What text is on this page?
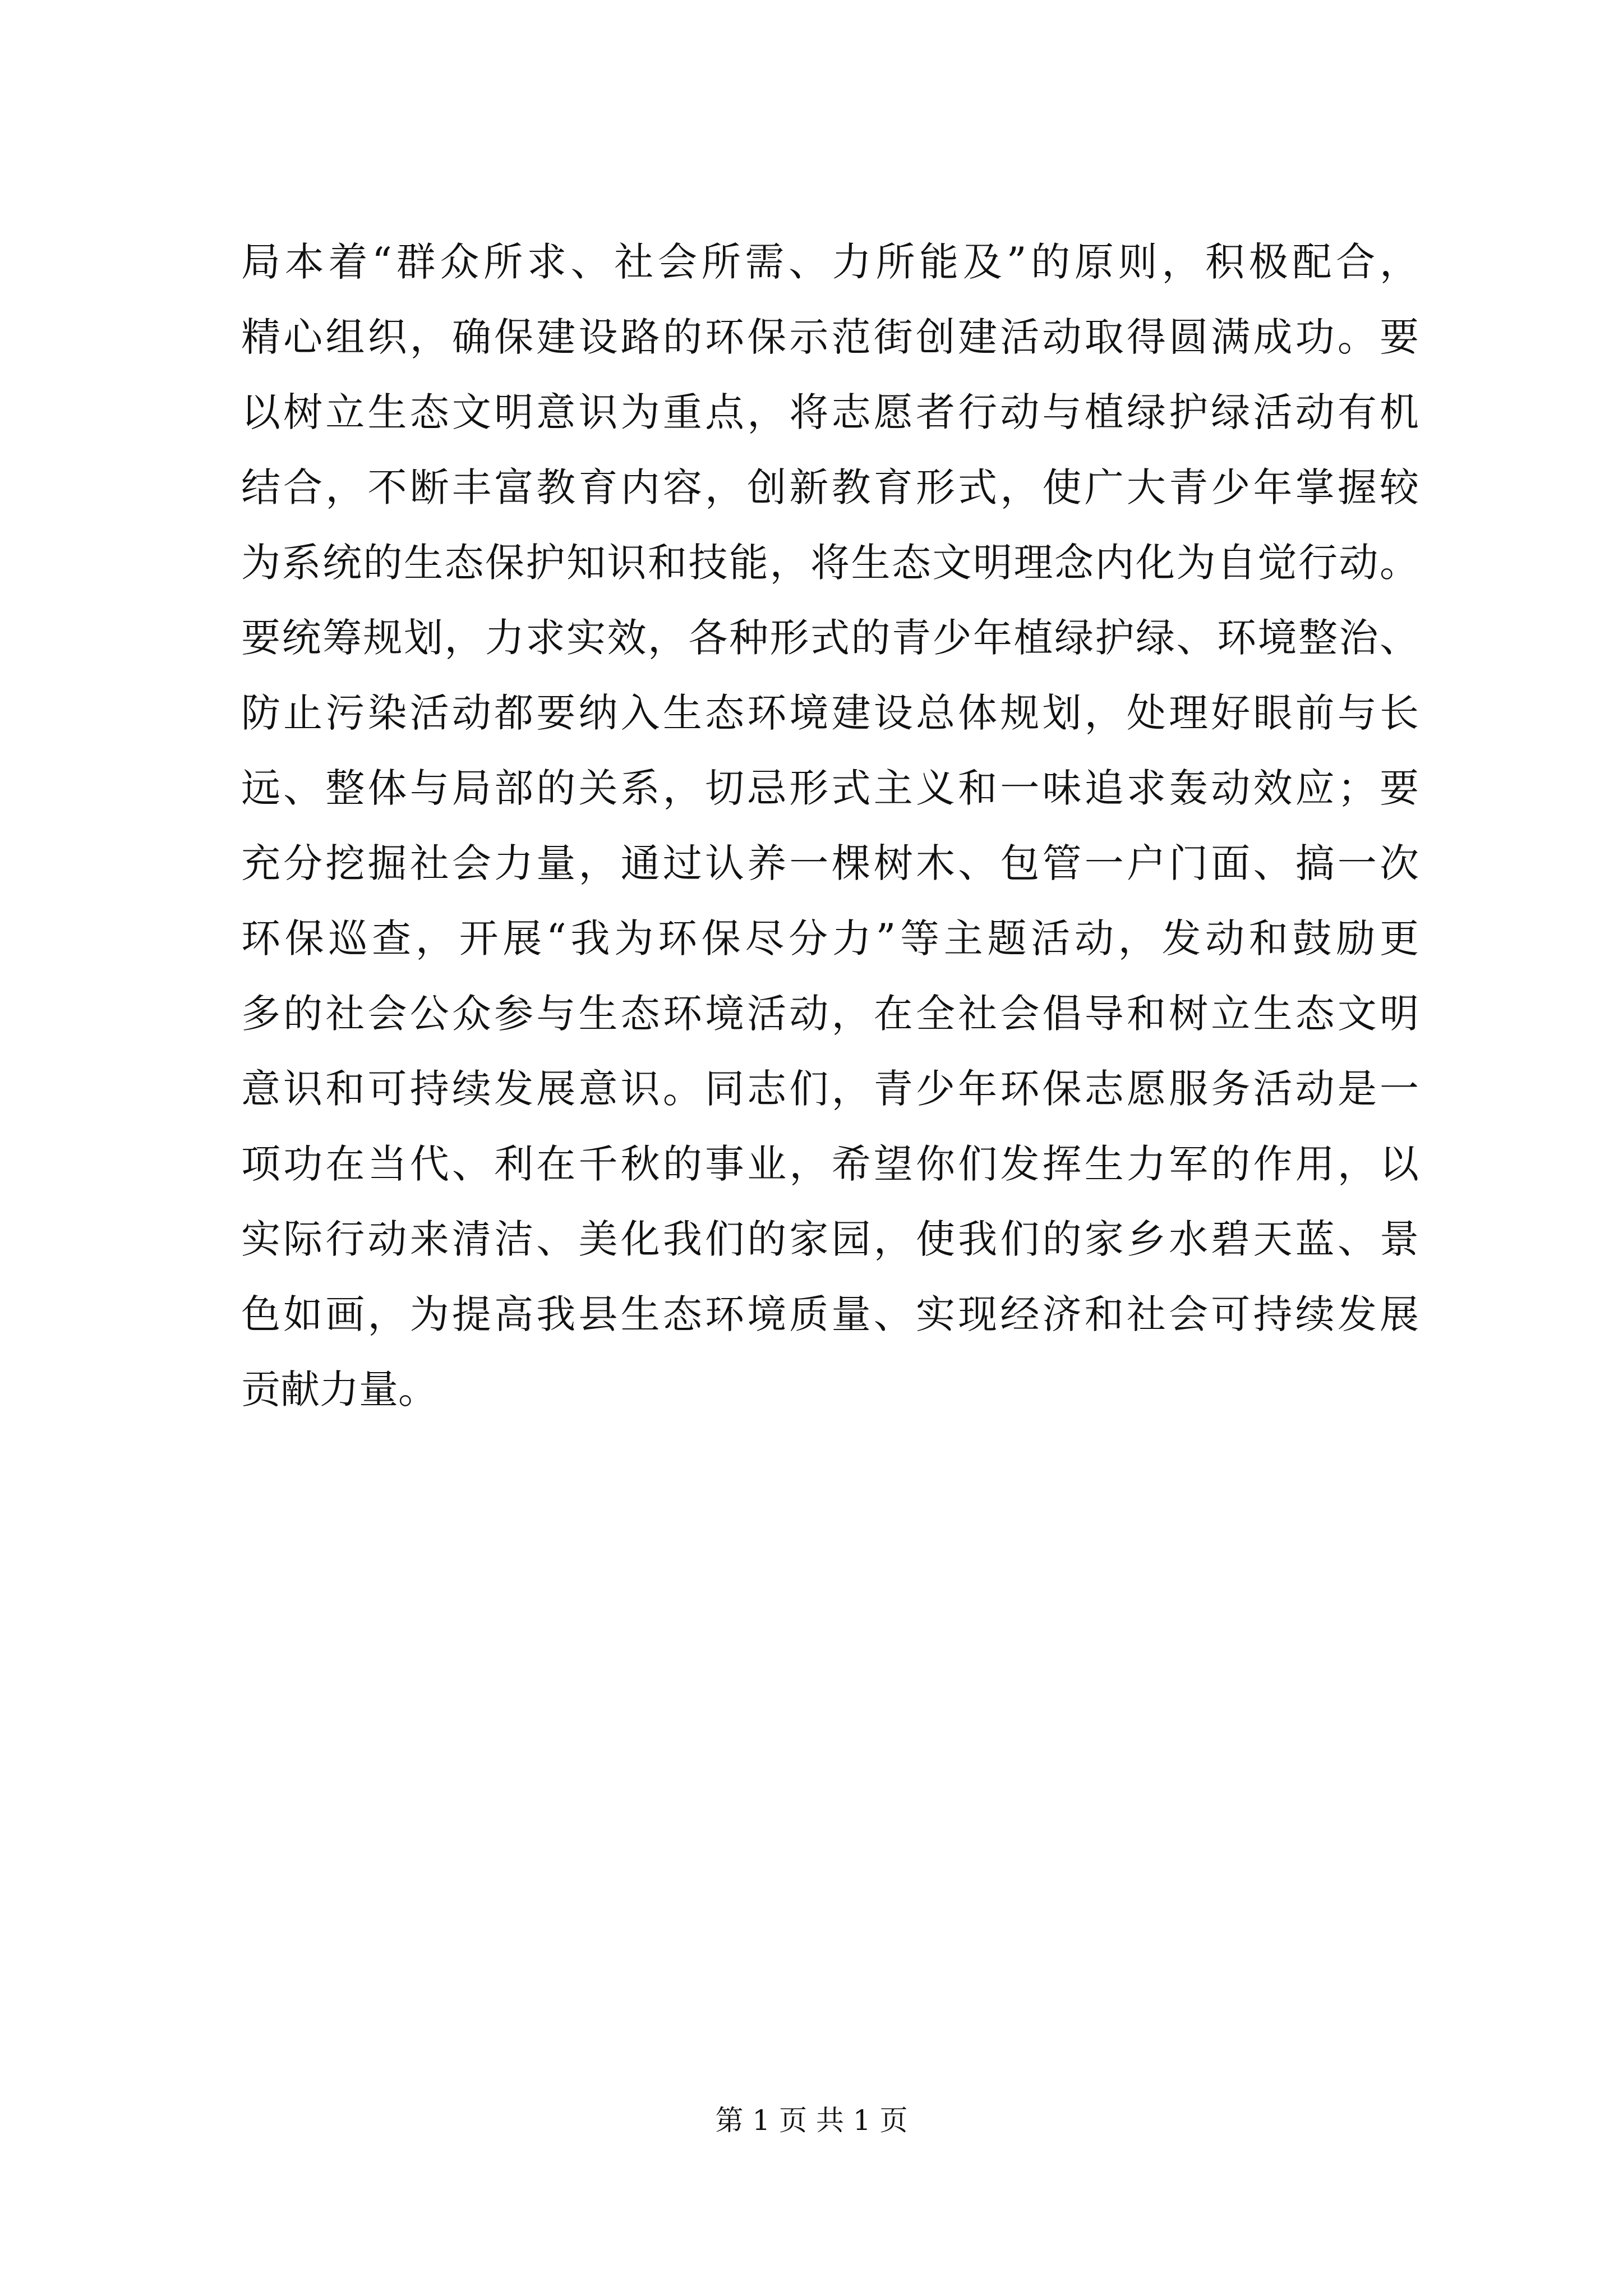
局本着“群众所求、社会所需、力所能及”的原则，积极配合，
精心组织，确保建设路的环保示范街创建活动取得圆满成功。要
以树立生态文明意识为重点，将志愿者行动与植绿护绿活动有机
结合，不断丰富教育内容，创新教育形式，使广大青少年掌握较
为系统的生态保护知识和技能，将生态文明理念内化为自觉行动。
要统筹规划，力求实效，各种形式的青少年植绿护绿、环境整治、
防止污染活动都要纳入生态环境建设总体规划，处理好眼前与长
远、整体与局部的关系，切忌形式主义和一味追求轰动效应；要
充分挖掘社会力量，通过认养一棵树木、包管一户门面、搞一次
环保巡查，开展“我为环保尽分力”等主题活动，发动和鼓励更
多的社会公众参与生态环境活动，在全社会倡导和树立生态文明
意识和可持续发展意识。同志们，青少年环保志愿服务活动是一
项功在当代、利在千秋的事业，希望你们发挥生力军的作用，以
实际行动来清洁、美化我们的家园，使我们的家乡水碧天蓝、景
色如画，为提高我县生态环境质量、实现经济和社会可持续发展
贡献力量。
第 1 页 共 1 页
